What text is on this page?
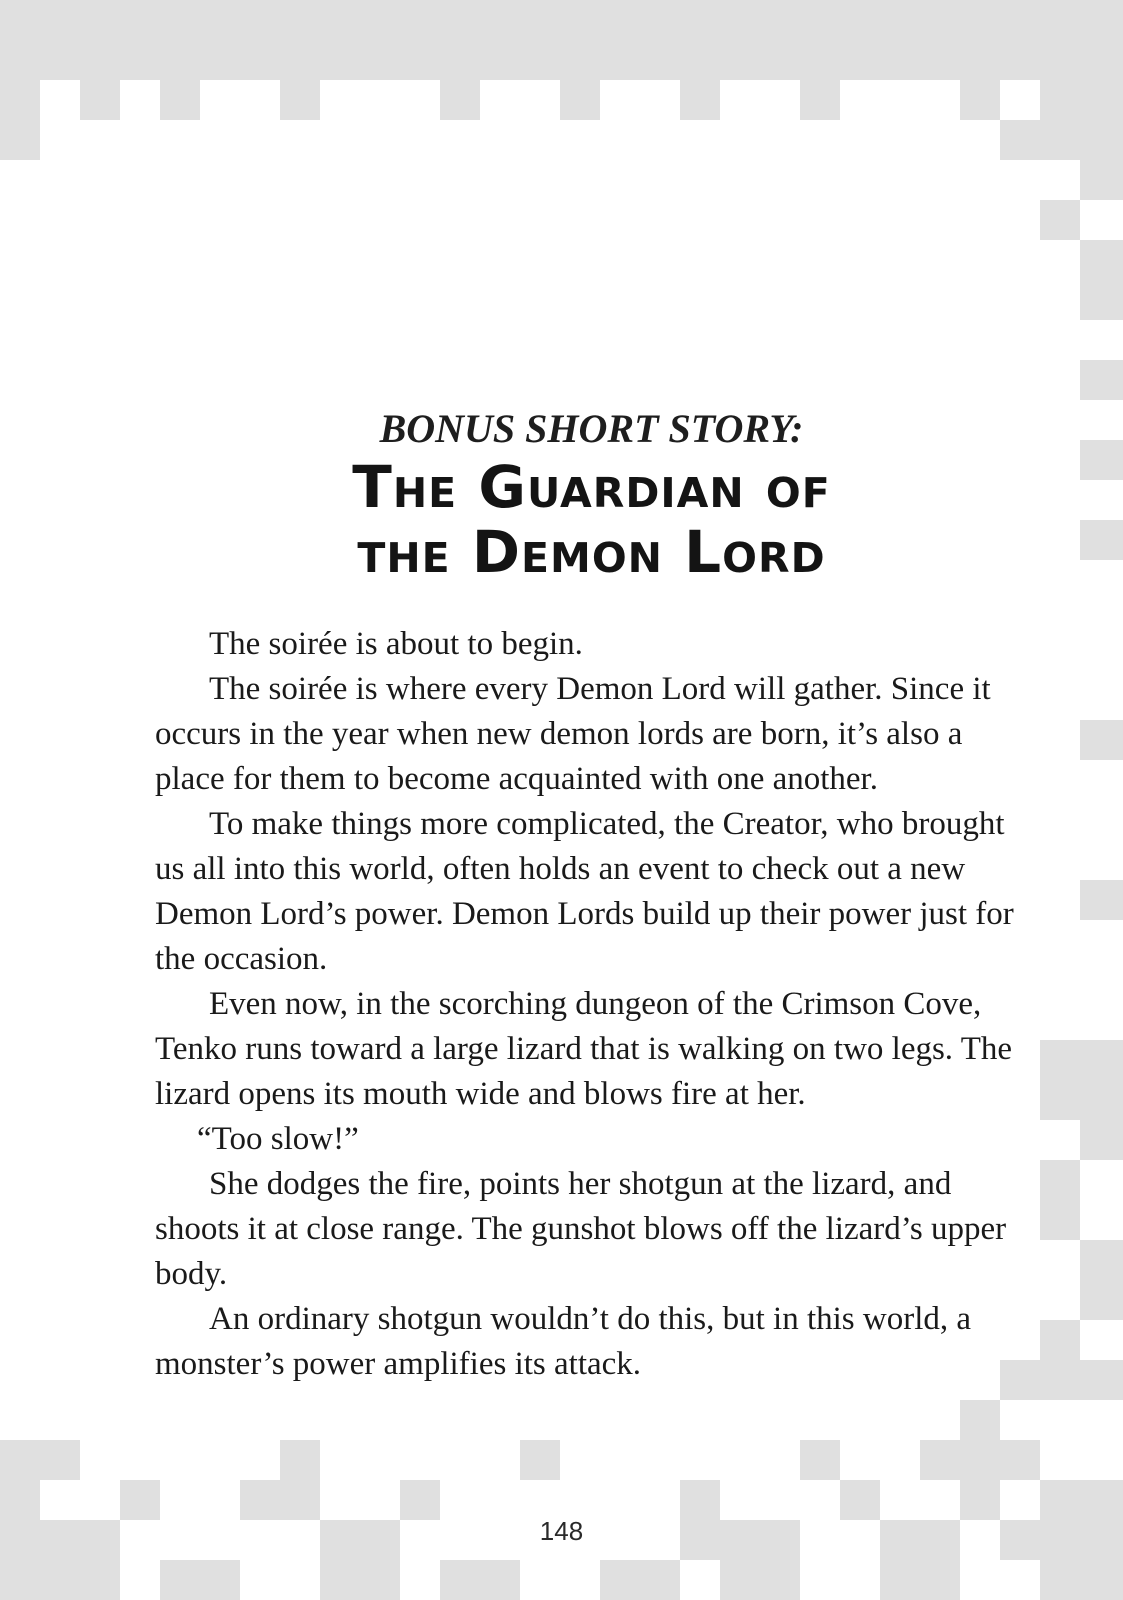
BONUS SHORT STORY:
The Guardian of
the Demon Lord

The soirée is about to begin.

The soirée is where every Demon Lord will gather. Since it occurs in the year when new demon lords are born, it’s also a place for them to become acquainted with one another.

To make things more complicated, the Creator, who brought us all into this world, often holds an event to check out a new Demon Lord’s power. Demon Lords build up their power just for the occasion.

Even now, in the scorching dungeon of the Crimson Cove, Tenko runs toward a large lizard that is walking on two legs. The lizard opens its mouth wide and blows fire at her.

“Too slow!”

She dodges the fire, points her shotgun at the lizard, and shoots it at close range. The gunshot blows off the lizard’s upper body.

An ordinary shotgun wouldn’t do this, but in this world, a monster’s power amplifies its attack.

148
